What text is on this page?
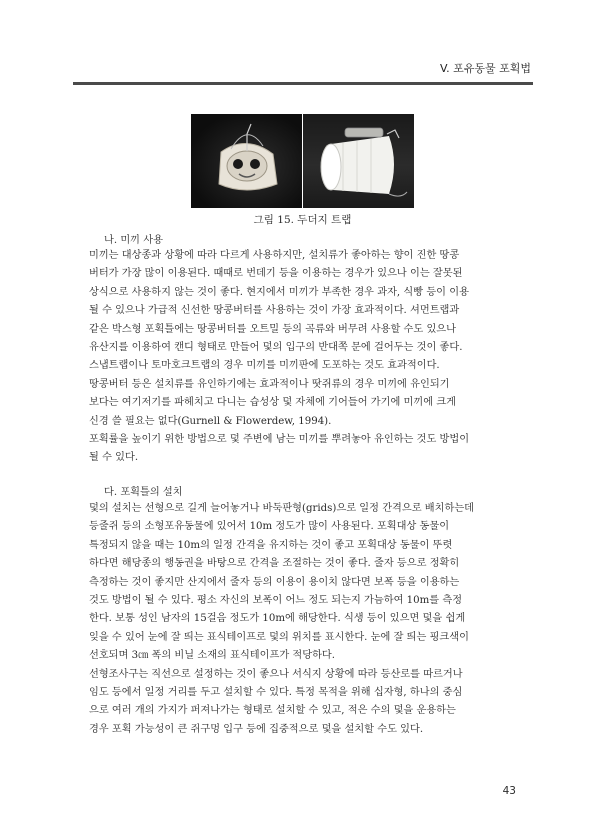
V. 포유동물 포획법
그림 15. 두더지 트랩
나. 미끼 사용
미끼는 대상종과 상황에 따라 다르게 사용하지만, 설치류가 좋아하는 향이 진한 땅콩
버터가 가장 많이 이용된다. 때때로 번데기 등을 이용하는 경우가 있으나 이는 잘못된
상식으로 사용하지 않는 것이 좋다. 현지에서 미끼가 부족한 경우 과자, 식빵 등이 이용
될 수 있으나 가급적 신선한 땅콩버터를 사용하는 것이 가장 효과적이다. 셔먼트랩과
같은 박스형 포획틀에는 땅콩버터를 오트밀 등의 곡류와 버무려 사용할 수도 있으나
유산지를 이용하여 캔디 형태로 만들어 덫의 입구의 반대쪽 문에 걸어두는 것이 좋다.
스냅트랩이나 토마호크트랩의 경우 미끼를 미끼판에 도포하는 것도 효과적이다.
땅콩버터 등은 설치류를 유인하기에는 효과적이나 땃쥐류의 경우 미끼에 유인되기
보다는 여기저기를 파헤치고 다니는 습성상 덫 자체에 기어들어 가기에 미끼에 크게
신경 쓸 필요는 없다(Gurnell & Flowerdew, 1994).
포획률을 높이기 위한 방법으로 덫 주변에 남는 미끼를 뿌려놓아 유인하는 것도 방법이
될 수 있다.
다. 포획틀의 설치
덫의 설치는 선형으로 길게 늘어놓거나 바둑판형(grids)으로 일정 간격으로 배치하는데
등줄쥐 등의 소형포유동물에 있어서 10m 정도가 많이 사용된다. 포획대상 동물이
특정되지 않을 때는 10m의 일정 간격을 유지하는 것이 좋고 포획대상 동물이 뚜렷
하다면 해당종의 행동권을 바탕으로 간격을 조절하는 것이 좋다. 줄자 등으로 정확히
측정하는 것이 좋지만 산지에서 줄자 등의 이용이 용이치 않다면 보폭 등을 이용하는
것도 방법이 될 수 있다. 평소 자신의 보폭이 어느 정도 되는지 가늠하여 10m를 측정
한다. 보통 성인 남자의 15걸음 정도가 10m에 해당한다. 식생 등이 있으면 덫을 쉽게
잊을 수 있어 눈에 잘 띄는 표식테이프로 덫의 위치를 표시한다. 눈에 잘 띄는 핑크색이
선호되며 3㎝ 폭의 비닐 소재의 표식테이프가 적당하다.
선형조사구는 직선으로 설정하는 것이 좋으나 서식지 상황에 따라 등산로를 따르거나
임도 등에서 일정 거리를 두고 설치할 수 있다. 특정 목적을 위해 십자형, 하나의 중심
으로 여러 개의 가지가 퍼져나가는 형태로 설치할 수 있고, 적은 수의 덫을 운용하는
경우 포획 가능성이 큰 쥐구멍 입구 등에 집중적으로 덫을 설치할 수도 있다.
43
